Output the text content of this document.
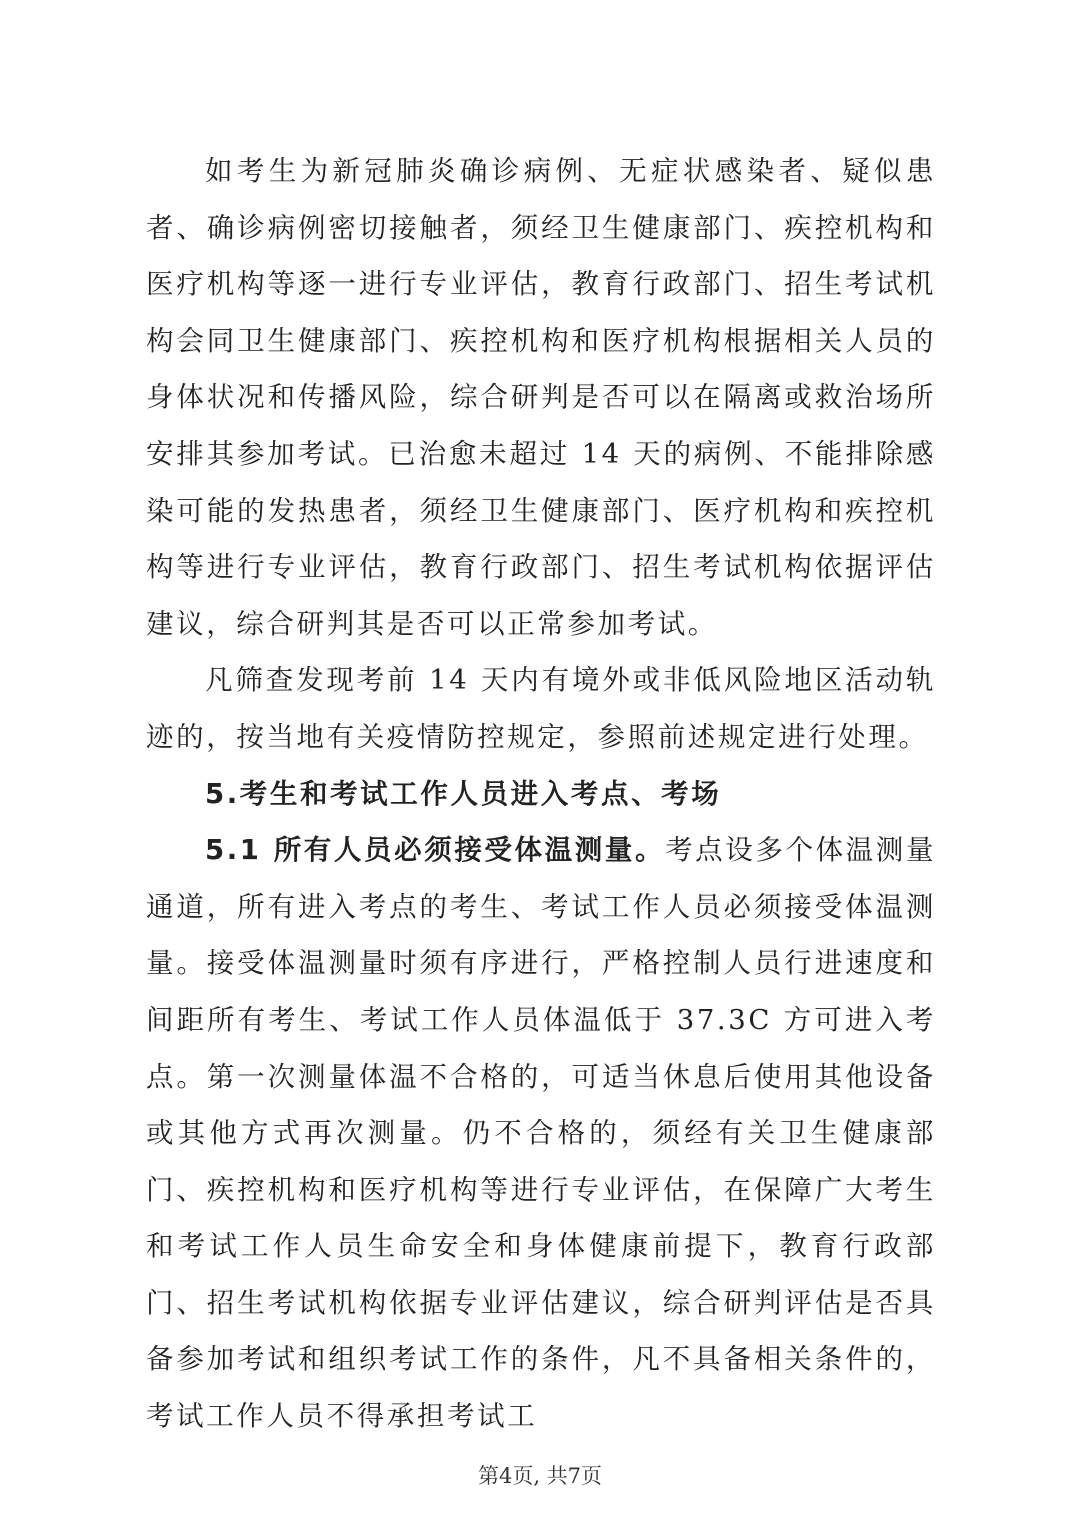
如考生为新冠肺炎确诊病例、无症状感染者、疑似患者、确诊病例密切接触者，须经卫生健康部门、疾控机构和医疗机构等逐一进行专业评估，教育行政部门、招生考试机构会同卫生健康部门、疾控机构和医疗机构根据相关人员的身体状况和传播风险，综合研判是否可以在隔离或救治场所安排其参加考试。已治愈未超过 14 天的病例、不能排除感染可能的发热患者，须经卫生健康部门、医疗机构和疾控机构等进行专业评估，教育行政部门、招生考试机构依据评估建议，综合研判其是否可以正常参加考试。

凡筛查发现考前 14 天内有境外或非低风险地区活动轨迹的，按当地有关疫情防控规定，参照前述规定进行处理。

5.考生和考试工作人员进入考点、考场

5.1 所有人员必须接受体温测量。考点设多个体温测量通道，所有进入考点的考生、考试工作人员必须接受体温测量。接受体温测量时须有序进行，严格控制人员行进速度和间距所有考生、考试工作人员体温低于 37.3C 方可进入考点。第一次测量体温不合格的，可适当休息后使用其他设备或其他方式再次测量。仍不合格的，须经有关卫生健康部门、疾控机构和医疗机构等进行专业评估，在保障广大考生和考试工作人员生命安全和身体健康前提下，教育行政部门、招生考试机构依据专业评估建议，综合研判评估是否具备参加考试和组织考试工作的条件，凡不具备相关条件的，考试工作人员不得承担考试工

第4页, 共7页
